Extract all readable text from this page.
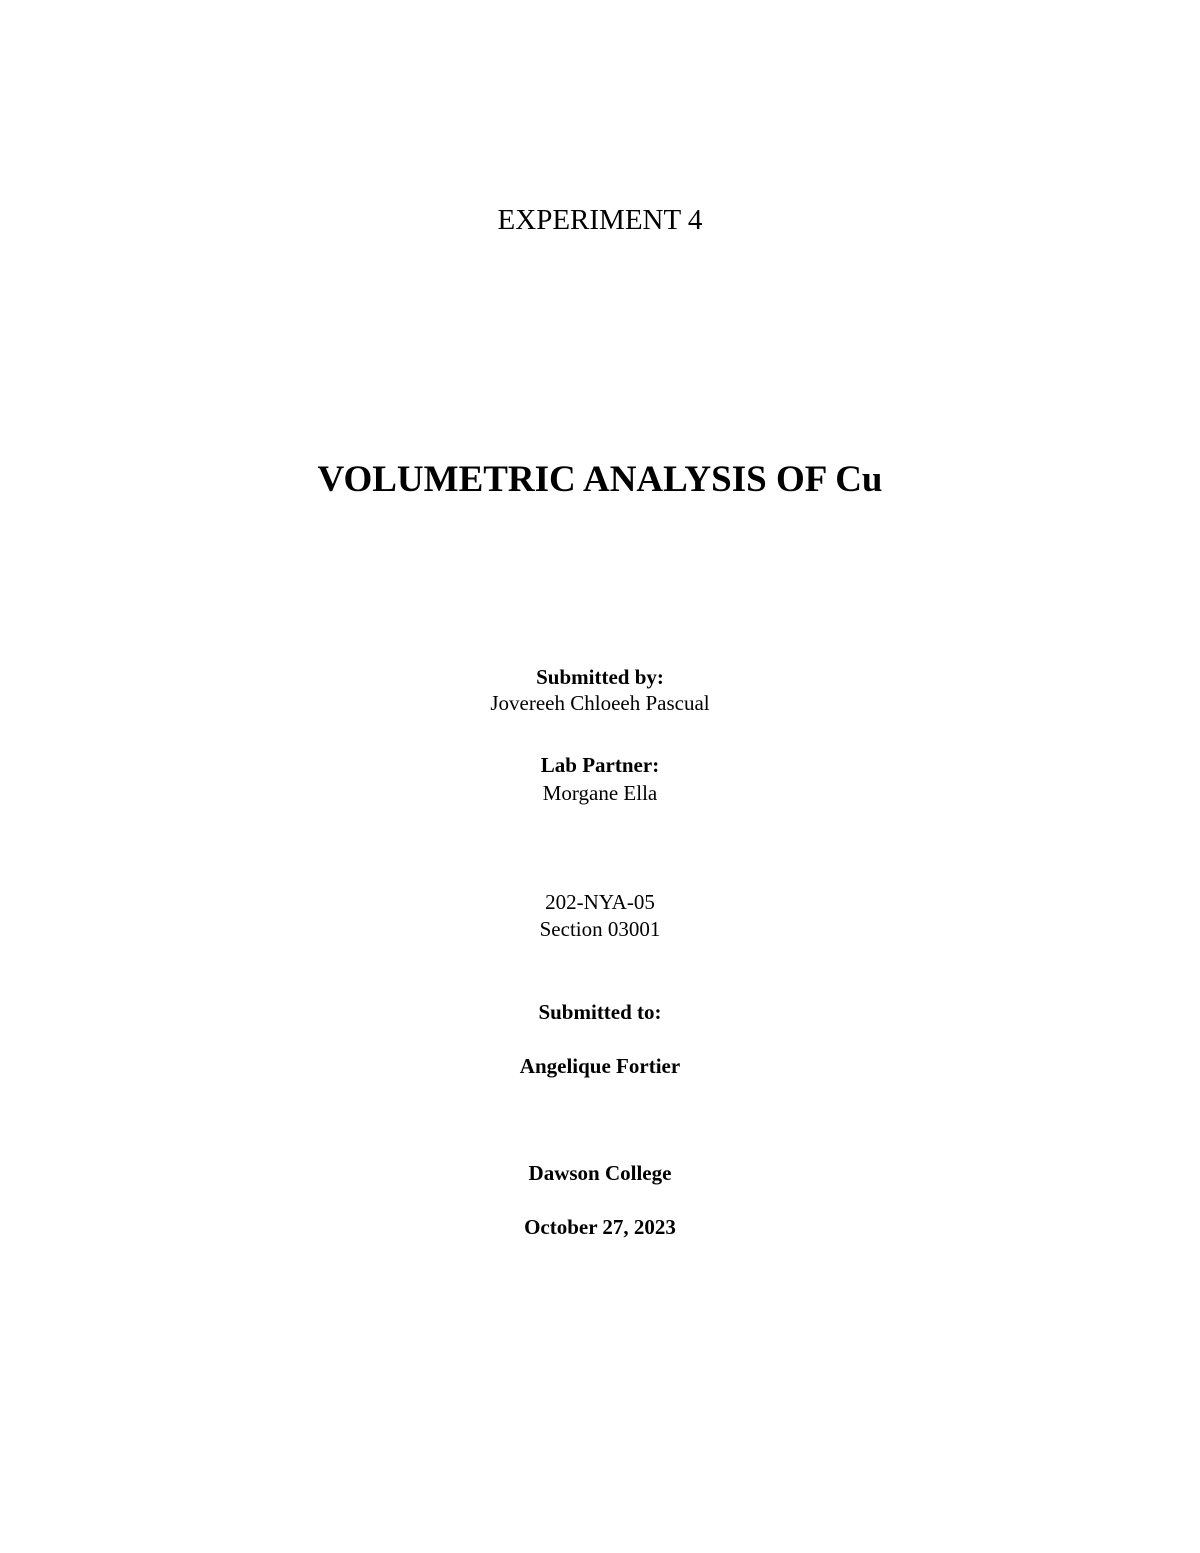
EXPERIMENT 4
VOLUMETRIC ANALYSIS OF Cu
Submitted by:
Jovereeh Chloeeh Pascual
Lab Partner:
Morgane Ella
202-NYA-05
Section 03001
Submitted to:
Angelique Fortier
Dawson College
October 27, 2023
